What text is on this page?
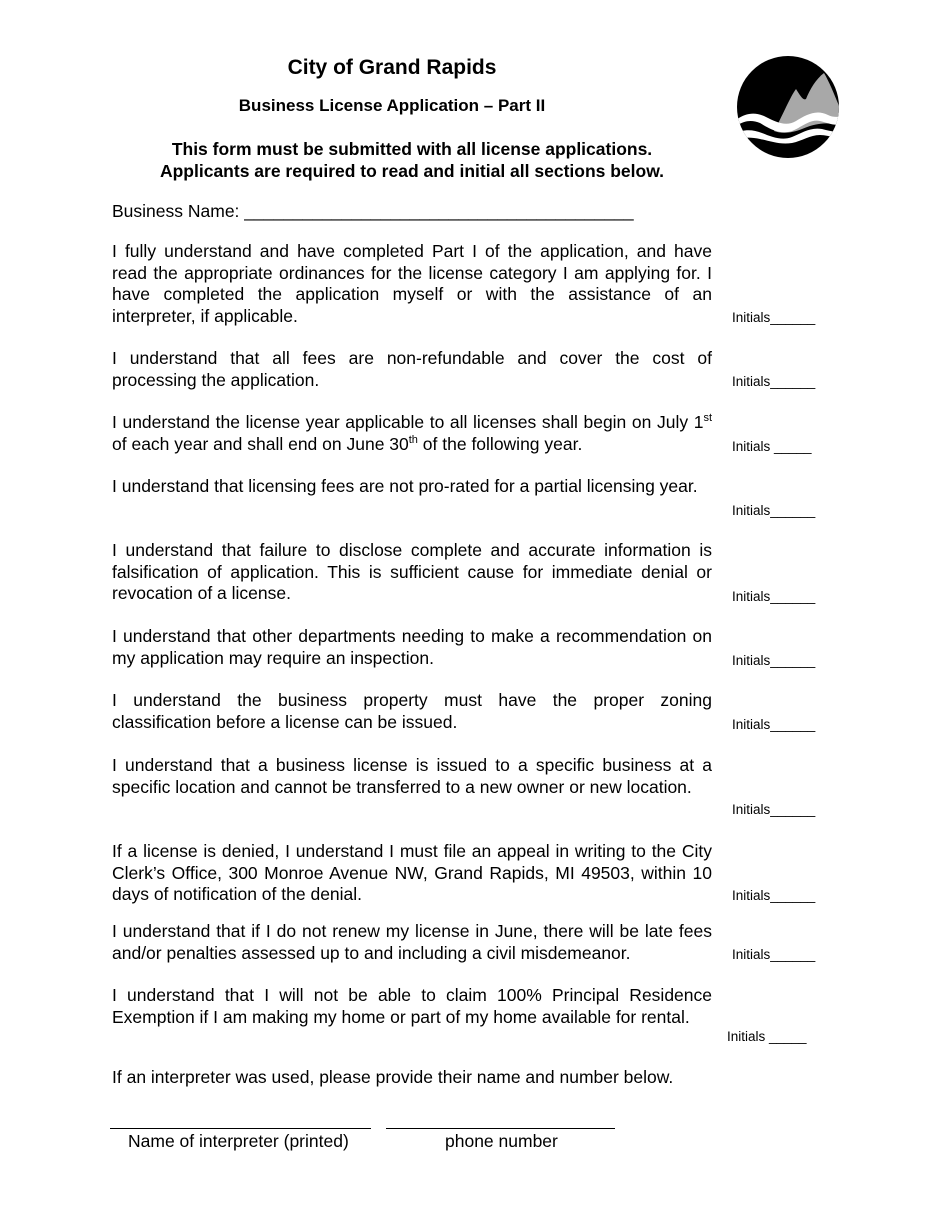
City of Grand Rapids
Business License Application – Part II
This form must be submitted with all license applications.
Applicants are required to read and initial all sections below.
Business Name: ________________________________________
I fully understand and have completed Part I of the application, and have read the appropriate ordinances for the license category I am applying for. I have completed the application myself or with the assistance of an interpreter, if applicable.	Initials______
I understand that all fees are non-refundable and cover the cost of processing the application.	Initials______
I understand the license year applicable to all licenses shall begin on July 1st of each year and shall end on June 30th of the following year.	Initials _____
I understand that licensing fees are not pro-rated for a partial licensing year.
Initials______
I understand that failure to disclose complete and accurate information is falsification of application. This is sufficient cause for immediate denial or revocation of a license.	Initials______
I understand that other departments needing to make a recommendation on my application may require an inspection.	Initials______
I understand the business property must have the proper zoning classification before a license can be issued.	Initials______
I understand that a business license is issued to a specific business at a specific location and cannot be transferred to a new owner or new location.
Initials______
If a license is denied, I understand I must file an appeal in writing to the City Clerk’s Office, 300 Monroe Avenue NW, Grand Rapids, MI 49503, within 10 days of notification of the denial.	Initials______
I understand that if I do not renew my license in June, there will be late fees and/or penalties assessed up to and including a civil misdemeanor.	Initials______
I understand that I will not be able to claim 100% Principal Residence Exemption if I am making my home or part of my home available for rental.
Initials _____
If an interpreter was used, please provide their name and number below.
Name of interpreter (printed)	phone number
